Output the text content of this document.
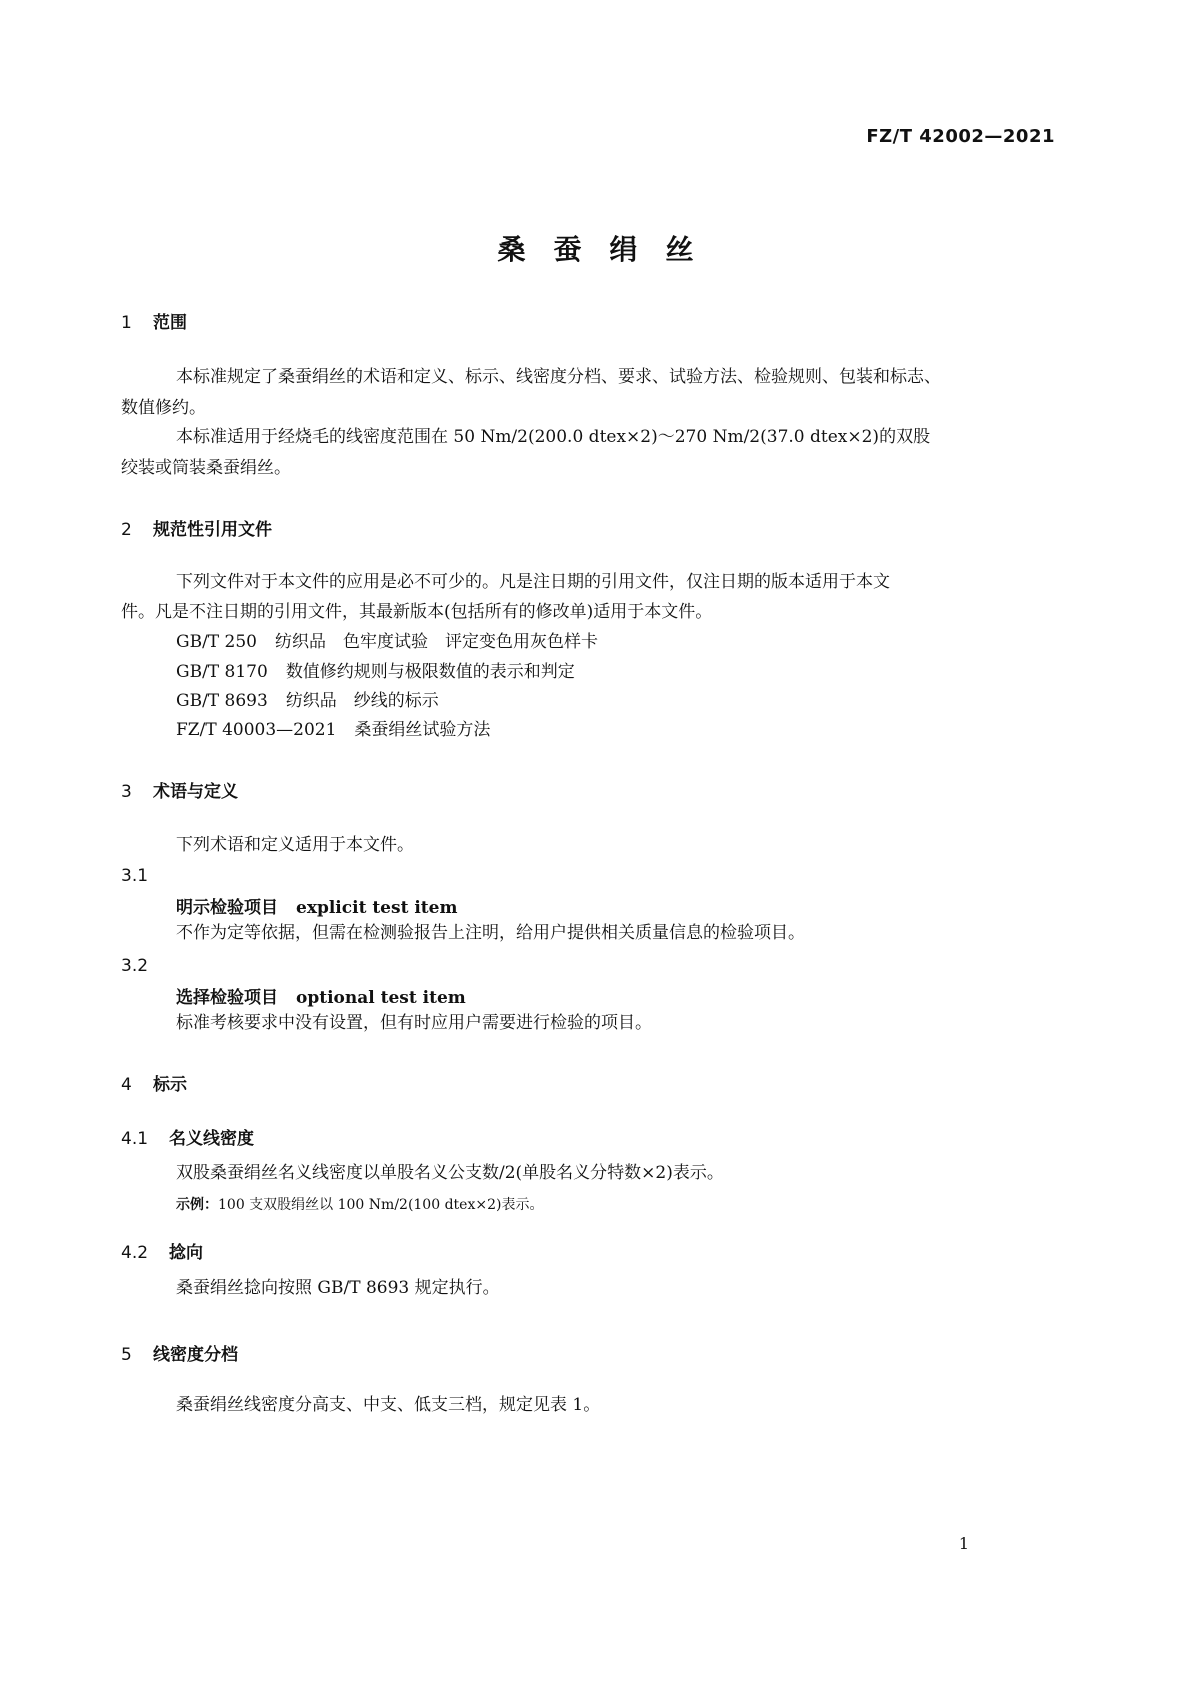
FZ/T 42002—2021
桑蚕绢丝
1 范围
本标准规定了桑蚕绢丝的术语和定义、标示、线密度分档、要求、试验方法、检验规则、包装和标志、
数值修约。
本标准适用于经烧毛的线密度范围在 50 Nm/2(200.0 dtex×2)～270 Nm/2(37.0 dtex×2)的双股
绞装或筒装桑蚕绢丝。
2 规范性引用文件
下列文件对于本文件的应用是必不可少的。凡是注日期的引用文件，仅注日期的版本适用于本文
件。凡是不注日期的引用文件，其最新版本(包括所有的修改单)适用于本文件。
GB/T 250 纺织品　色牢度试验　评定变色用灰色样卡
GB/T 8170 数值修约规则与极限数值的表示和判定
GB/T 8693 纺织品　纱线的标示
FZ/T 40003—2021 桑蚕绢丝试验方法
3 术语与定义
下列术语和定义适用于本文件。
3.1
明示检验项目 explicit test item
不作为定等依据，但需在检测验报告上注明，给用户提供相关质量信息的检验项目。
3.2
选择检验项目 optional test item
标准考核要求中没有设置，但有时应用户需要进行检验的项目。
4 标示
4.1 名义线密度
双股桑蚕绢丝名义线密度以单股名义公支数/2(单股名义分特数×2)表示。
示例：100 支双股绢丝以 100 Nm/2(100 dtex×2)表示。
4.2 捻向
桑蚕绢丝捻向按照 GB/T 8693 规定执行。
5 线密度分档
桑蚕绢丝线密度分高支、中支、低支三档，规定见表 1。
1
